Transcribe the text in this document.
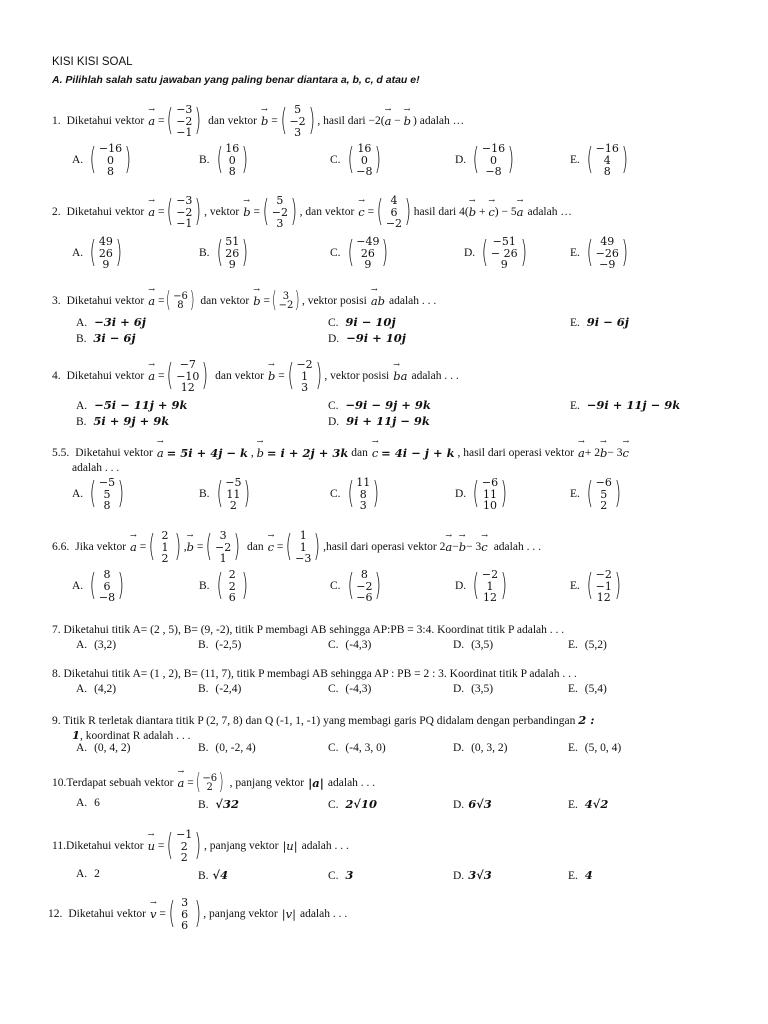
KISI KISI SOAL
A. Pilihlah salah satu jawaban yang paling benar diantara a, b, c, d atau e!
1. Diketahui vektor → a = ( −3
−2
−1 ) dan vektor → b = ( 5
−2
3 ) , hasil dari −2( → a − → b ) adalah …
A. ( −16
0
8 )	B. ( 16
0
8 )	C. ( 16
0
−8 )	D. ( −16
0
−8 )	E. ( −16
4
8 )
2. Diketahui vektor → a = ( −3
−2
−1 ) , vektor → b = ( 5
−2
3 ) , dan vektor → c = ( 4
6
−2 ) hasil dari 4( → b + → c ) − 5 → a adalah …
A. ( 49
26
9 )	B. ( 51
26
9 )	C. ( −49
26
9 )	D. ( −51
− 26
9 )	E. ( 49
−26
−9 )
3. Diketahui vektor → a = ( −6
8 ) dan vektor → b = ( 3
−2 ) , vektor posisi → ab adalah . . .
A. −3i + 6j	C. 9i − 10j	E. 9i − 6j
B. 3i − 6j	D. −9i + 10j
4. Diketahui vektor → a = ( −7
−10
12 ) dan vektor → b = ( −2
1
3 ) , vektor posisi → ba adalah . . .
A. −5i − 11j + 9k	C. −9i − 9j + 9k	E. −9i + 11j − 9k
B. 5i + 9j + 9k	D. 9i + 11j − 9k
5. 5. Diketahui vektor → a
= 5i + 4j − k , → b
= i + 2j + 3k
dan → c
= 4i − j + k
, hasil dari operasi vektor → a + 2 → b − 3 → c
adalah . . .
A. ( −5
5
8 )	B. ( −5
11
2 )	C. ( 11
8
3 )	D. ( −6
11
10 )	E. ( −6
5
2 )
6. 6. Jika vektor → a = ( 2
1
2 ) , → b = ( 3
−2
1 ) dan → c = ( 1
1
−3 ) ,hasil dari operasi vektor 2 → a − → b − 3 → c adalah . . .
A. ( 8
6
−8 )	B. ( 2
2
6 )	C. ( 8
−2
−6 )	D. ( −2
1
12 )	E. ( −2
−1
12 )
7. Diketahui titik A= (2 , 5), B= (9, -2), titik P membagi AB sehingga AP:PB = 3:4. Koordinat titik P adalah . . .
A. (3,2)	B. (-2,5)	C. (-4,3)	D. (3,5)	E. (5,2)
8. Diketahui titik A= (1 , 2), B= (11, 7), titik P membagi AB sehingga AP : PB = 2 : 3. Koordinat titik P adalah . . .
A. (4,2)	B. (-2,4)	C. (-4,3)	D. (3,5)	E. (5,4)
9. Titik R terletak diantara titik P (2, 7, 8) dan Q (-1, 1, -1) yang membagi garis PQ didalam dengan perbandingan 2 :
1, koordinat R adalah . . .
A. (0, 4, 2)	B. (0, -2, 4)	C. (-4, 3, 0)	D. (0, 3, 2)	E. (5, 0, 4)
10. Terdapat sebuah vektor → a = ( −6
2 ) , panjang vektor |a| adalah . . .
A. 6	B. √32	C. 2√10	D. 6√3	E. 4√2
11. Diketahui vektor → u = ( −1
2
2 ) , panjang vektor |u| adalah . . .
A. 2	B. √4	C. 3	D. 3√3	E. 4
12. Diketahui vektor → v = ( 3
6
6 ) , panjang vektor |v| adalah . . .
